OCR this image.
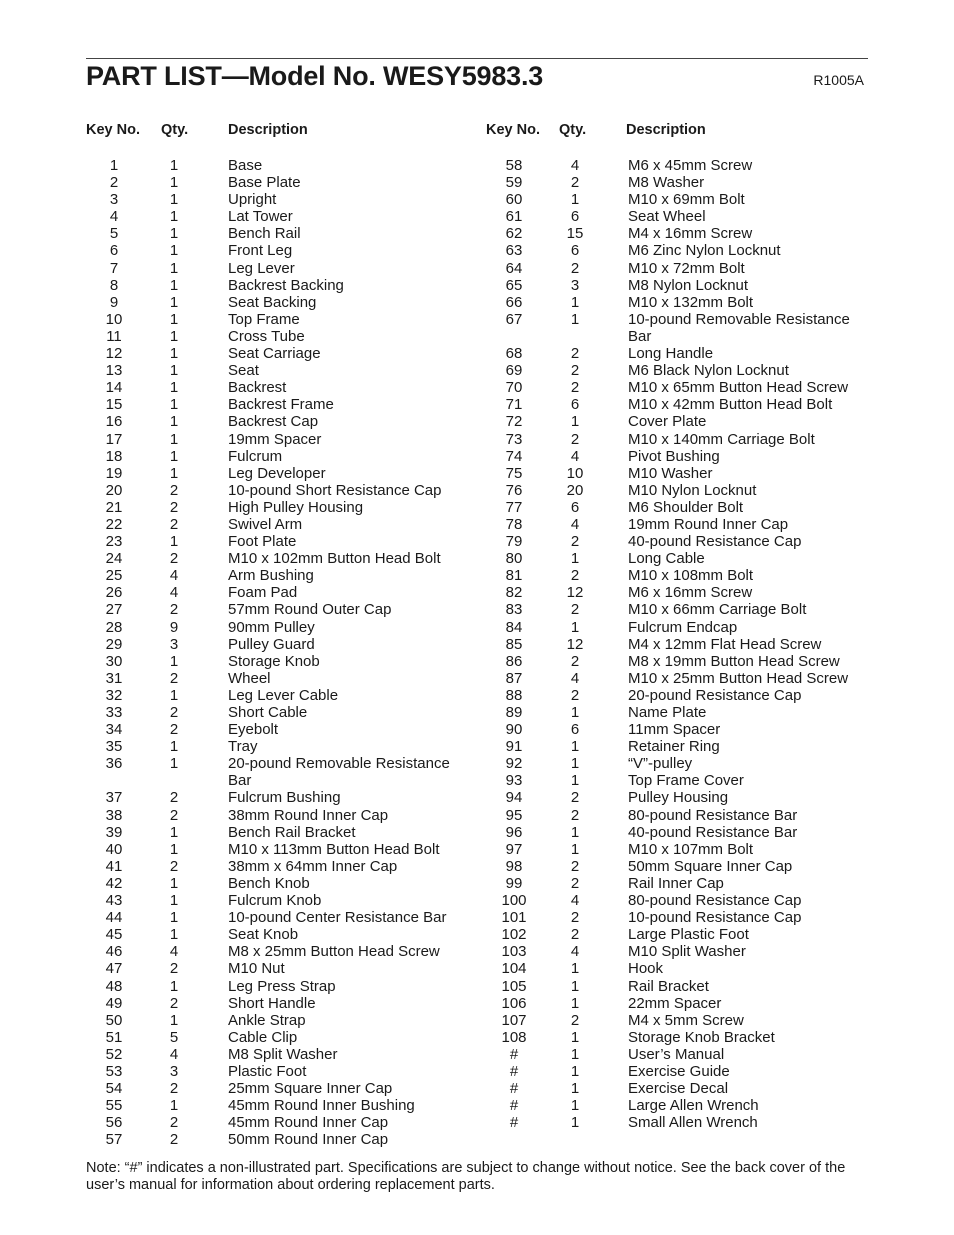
PART LIST—Model No. WESY5983.3	R1005A
Key No. Qty.	Description
1	1	Base
2	1	Base Plate
3	1	Upright
4	1	Lat Tower
5	1	Bench Rail
6	1	Front Leg
7	1	Leg Lever
8	1	Backrest Backing
9	1	Seat Backing
10	1	Top Frame
11	1	Cross Tube
12	1	Seat Carriage
13	1	Seat
14	1	Backrest
15	1	Backrest Frame
16	1	Backrest Cap
17	1	19mm Spacer
18	1	Fulcrum
19	1	Leg Developer
20	2	10-pound Short Resistance Cap
21	2	High Pulley Housing
22	2	Swivel Arm
23	1	Foot Plate
24	2	M10 x 102mm Button Head Bolt
25	4	Arm Bushing
26	4	Foam Pad
27	2	57mm Round Outer Cap
28	9	90mm Pulley
29	3	Pulley Guard
30	1	Storage Knob
31	2	Wheel
32	1	Leg Lever Cable
33	2	Short Cable
34	2	Eyebolt
35	1	Tray
36	1	20-pound Removable Resistance Bar
37	2	Fulcrum Bushing
38	2	38mm Round Inner Cap
39	1	Bench Rail Bracket
40	1	M10 x 113mm Button Head Bolt
41	2	38mm x 64mm Inner Cap
42	1	Bench Knob
43	1	Fulcrum Knob
44	1	10-pound Center Resistance Bar
45	1	Seat Knob
46	4	M8 x 25mm Button Head Screw
47	2	M10 Nut
48	1	Leg Press Strap
49	2	Short Handle
50	1	Ankle Strap
51	5	Cable Clip
52	4	M8 Split Washer
53	3	Plastic Foot
54	2	25mm Square Inner Cap
55	1	45mm Round Inner Bushing
56	2	45mm Round Inner Cap
57	2	50mm Round Inner Cap
Key No. Qty.	Description
58	4	M6 x 45mm Screw
59	2	M8 Washer
60	1	M10 x 69mm Bolt
61	6	Seat Wheel
62	15	M4 x 16mm Screw
63	6	M6 Zinc Nylon Locknut
64	2	M10 x 72mm Bolt
65	3	M8 Nylon Locknut
66	1	M10 x 132mm Bolt
67	1	10-pound Removable Resistance Bar
68	2	Long Handle
69	2	M6 Black Nylon Locknut
70	2	M10 x 65mm Button Head Screw
71	6	M10 x 42mm Button Head Bolt
72	1	Cover Plate
73	2	M10 x 140mm Carriage Bolt
74	4	Pivot Bushing
75	10	M10 Washer
76	20	M10 Nylon Locknut
77	6	M6 Shoulder Bolt
78	4	19mm Round Inner Cap
79	2	40-pound Resistance Cap
80	1	Long Cable
81	2	M10 x 108mm Bolt
82	12	M6 x 16mm Screw
83	2	M10 x 66mm Carriage Bolt
84	1	Fulcrum Endcap
85	12	M4 x 12mm Flat Head Screw
86	2	M8 x 19mm Button Head Screw
87	4	M10 x 25mm Button Head Screw
88	2	20-pound Resistance Cap
89	1	Name Plate
90	6	11mm Spacer
91	1	Retainer Ring
92	1	“V”-pulley
93	1	Top Frame Cover
94	2	Pulley Housing
95	2	80-pound Resistance Bar
96	1	40-pound Resistance Bar
97	1	M10 x 107mm Bolt
98	2	50mm Square Inner Cap
99	2	Rail Inner Cap
100	4	80-pound Resistance Cap
101	2	10-pound Resistance Cap
102	2	Large Plastic Foot
103	4	M10 Split Washer
104	1	Hook
105	1	Rail Bracket
106	1	22mm Spacer
107	2	M4 x 5mm Screw
108	1	Storage Knob Bracket
#	1	User’s Manual
#	1	Exercise Guide
#	1	Exercise Decal
#	1	Large Allen Wrench
#	1	Small Allen Wrench
Note: “#” indicates a non-illustrated part. Specifications are subject to change without notice. See the back cover of the user’s manual for information about ordering replacement parts.
